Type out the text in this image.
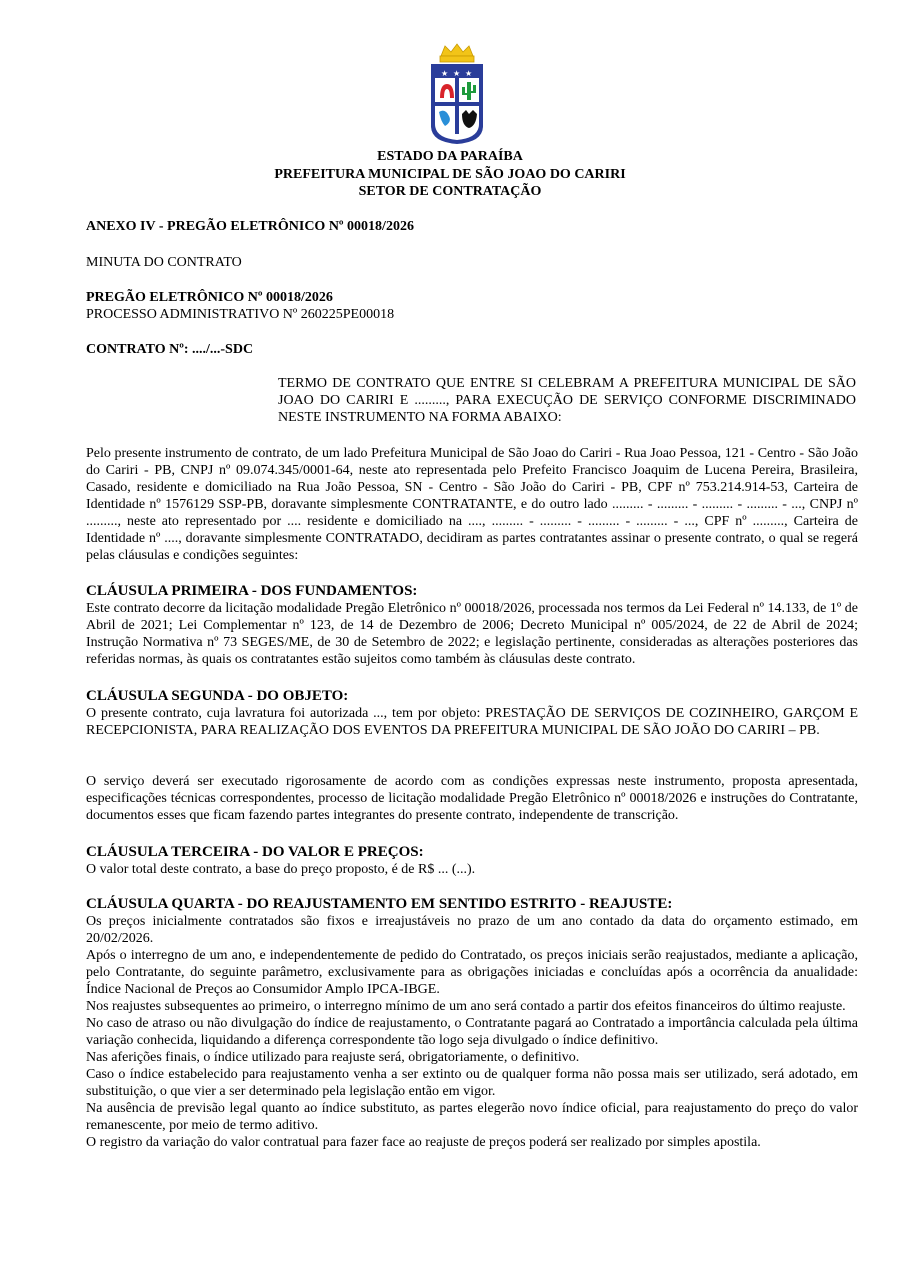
★ ★ ★
ESTADO DA PARAÍBA
PREFEITURA MUNICIPAL DE SÃO JOAO DO CARIRI
SETOR DE CONTRATAÇÃO
ANEXO IV - PREGÃO ELETRÔNICO Nº 00018/2026
MINUTA DO CONTRATO
PREGÃO ELETRÔNICO Nº 00018/2026
PROCESSO ADMINISTRATIVO Nº 260225PE00018
CONTRATO Nº: ..../...-SDC
TERMO DE CONTRATO QUE ENTRE SI CELEBRAM A PREFEITURA MUNICIPAL DE SÃO JOAO DO CARIRI E ........., PARA EXECUÇÃO DE SERVIÇO CONFORME DISCRIMINADO NESTE INSTRUMENTO NA FORMA ABAIXO:
Pelo presente instrumento de contrato, de um lado Prefeitura Municipal de São Joao do Cariri - Rua Joao Pessoa, 121 - Centro - São João do Cariri - PB, CNPJ nº 09.074.345/0001-64, neste ato representada pelo Prefeito Francisco Joaquim de Lucena Pereira, Brasileira, Casado, residente e domiciliado na Rua João Pessoa, SN - Centro - São João do Cariri - PB, CPF nº 753.214.914-53, Carteira de Identidade nº 1576129 SSP-PB, doravante simplesmente CONTRATANTE, e do outro lado ......... - ......... - ......... - ......... - ..., CNPJ nº ........., neste ato representado por .... residente e domiciliado na ...., ......... - ......... - ......... - ......... - ..., CPF nº ........., Carteira de Identidade nº ...., doravante simplesmente CONTRATADO, decidiram as partes contratantes assinar o presente contrato, o qual se regerá pelas cláusulas e condições seguintes:
CLÁUSULA PRIMEIRA - DOS FUNDAMENTOS:

Este contrato decorre da licitação modalidade Pregão Eletrônico nº 00018/2026, processada nos termos da Lei Federal nº 14.133, de 1º de Abril de 2021; Lei Complementar nº 123, de 14 de Dezembro de 2006; Decreto Municipal nº 005/2024, de 22 de Abril de 2024; Instrução Normativa nº 73 SEGES/ME, de 30 de Setembro de 2022; e legislação pertinente, consideradas as alterações posteriores das referidas normas, às quais os contratantes estão sujeitos como também às cláusulas deste contrato.

CLÁUSULA SEGUNDA - DO OBJETO:

O presente contrato, cuja lavratura foi autorizada ..., tem por objeto: PRESTAÇÃO DE SERVIÇOS DE COZINHEIRO, GARÇOM E RECEPCIONISTA, PARA REALIZAÇÃO DOS EVENTOS DA PREFEITURA MUNICIPAL DE SÃO JOÃO DO CARIRI – PB.

O serviço deverá ser executado rigorosamente de acordo com as condições expressas neste instrumento, proposta apresentada, especificações técnicas correspondentes, processo de licitação modalidade Pregão Eletrônico nº 00018/2026 e instruções do Contratante, documentos esses que ficam fazendo partes integrantes do presente contrato, independente de transcrição.
CLÁUSULA TERCEIRA - DO VALOR E PREÇOS:

O valor total deste contrato, a base do preço proposto, é de R$ ... (...).

CLÁUSULA QUARTA - DO REAJUSTAMENTO EM SENTIDO ESTRITO - REAJUSTE:

Os preços inicialmente contratados são fixos e irreajustáveis no prazo de um ano contado da data do orçamento estimado, em 20/02/2026.

Após o interregno de um ano, e independentemente de pedido do Contratado, os preços iniciais serão reajustados, mediante a aplicação, pelo Contratante, do seguinte parâmetro, exclusivamente para as obrigações iniciadas e concluídas após a ocorrência da anualidade: Índice Nacional de Preços ao Consumidor Amplo IPCA-IBGE.

Nos reajustes subsequentes ao primeiro, o interregno mínimo de um ano será contado a partir dos efeitos financeiros do último reajuste.

No caso de atraso ou não divulgação do índice de reajustamento, o Contratante pagará ao Contratado a importância calculada pela última variação conhecida, liquidando a diferença correspondente tão logo seja divulgado o índice definitivo.

Nas aferições finais, o índice utilizado para reajuste será, obrigatoriamente, o definitivo.

Caso o índice estabelecido para reajustamento venha a ser extinto ou de qualquer forma não possa mais ser utilizado, será adotado, em substituição, o que vier a ser determinado pela legislação então em vigor.

Na ausência de previsão legal quanto ao índice substituto, as partes elegerão novo índice oficial, para reajustamento do preço do valor remanescente, por meio de termo aditivo.

O registro da variação do valor contratual para fazer face ao reajuste de preços poderá ser realizado por simples apostila.
